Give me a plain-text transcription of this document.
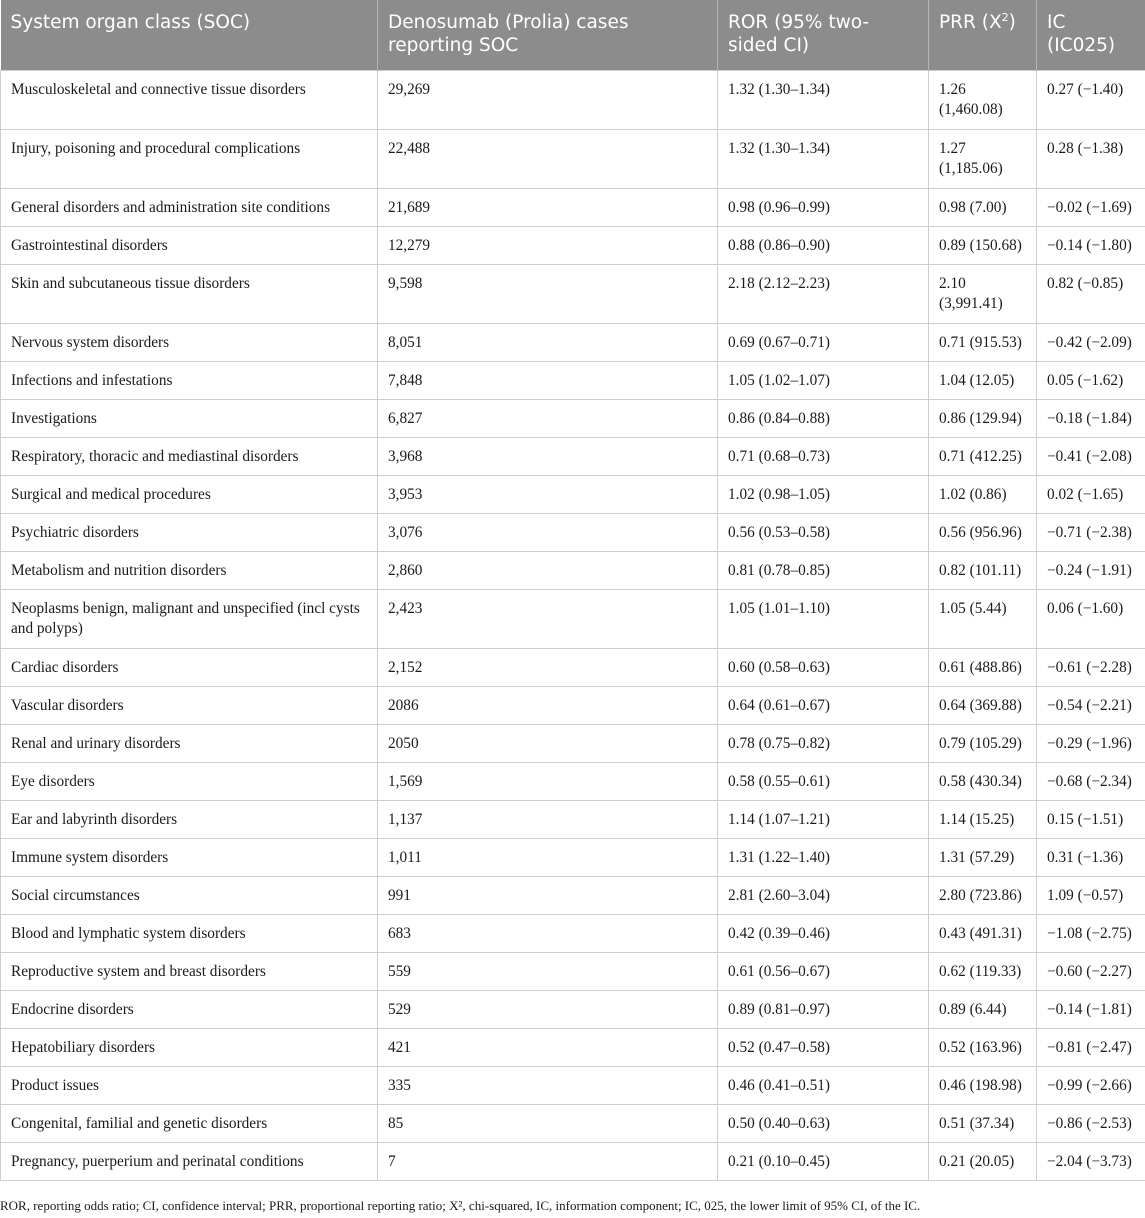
System organ class (SOC)	Denosumab (Prolia) cases reporting SOC	ROR (95% two-sided CI)	PRR $(X^2)$	IC (IC025)
Musculoskeletal and connective tissue disorders	29,269	1.32 (1.30–1.34)	1.26 (1,460.08)	0.27 (−1.40)
Injury, poisoning and procedural complications	22,488	1.32 (1.30–1.34)	1.27 (1,185.06)	0.28 (−1.38)
General disorders and administration site conditions	21,689	0.98 (0.96–0.99)	0.98 (7.00)	−0.02 (−1.69)
Gastrointestinal disorders	12,279	0.88 (0.86–0.90)	0.89 (150.68)	−0.14 (−1.80)
Skin and subcutaneous tissue disorders	9,598	2.18 (2.12–2.23)	2.10 (3,991.41)	0.82 (−0.85)
Nervous system disorders	8,051	0.69 (0.67–0.71)	0.71 (915.53)	−0.42 (−2.09)
Infections and infestations	7,848	1.05 (1.02–1.07)	1.04 (12.05)	0.05 (−1.62)
Investigations	6,827	0.86 (0.84–0.88)	0.86 (129.94)	−0.18 (−1.84)
Respiratory, thoracic and mediastinal disorders	3,968	0.71 (0.68–0.73)	0.71 (412.25)	−0.41 (−2.08)
Surgical and medical procedures	3,953	1.02 (0.98–1.05)	1.02 (0.86)	0.02 (−1.65)
Psychiatric disorders	3,076	0.56 (0.53–0.58)	0.56 (956.96)	−0.71 (−2.38)
Metabolism and nutrition disorders	2,860	0.81 (0.78–0.85)	0.82 (101.11)	−0.24 (−1.91)
Neoplasms benign, malignant and unspecified (incl cysts and polyps)	2,423	1.05 (1.01–1.10)	1.05 (5.44)	0.06 (−1.60)
Cardiac disorders	2,152	0.60 (0.58–0.63)	0.61 (488.86)	−0.61 (−2.28)
Vascular disorders	2086	0.64 (0.61–0.67)	0.64 (369.88)	−0.54 (−2.21)
Renal and urinary disorders	2050	0.78 (0.75–0.82)	0.79 (105.29)	−0.29 (−1.96)
Eye disorders	1,569	0.58 (0.55–0.61)	0.58 (430.34)	−0.68 (−2.34)
Ear and labyrinth disorders	1,137	1.14 (1.07–1.21)	1.14 (15.25)	0.15 (−1.51)
Immune system disorders	1,011	1.31 (1.22–1.40)	1.31 (57.29)	0.31 (−1.36)
Social circumstances	991	2.81 (2.60–3.04)	2.80 (723.86)	1.09 (−0.57)
Blood and lymphatic system disorders	683	0.42 (0.39–0.46)	0.43 (491.31)	−1.08 (−2.75)
Reproductive system and breast disorders	559	0.61 (0.56–0.67)	0.62 (119.33)	−0.60 (−2.27)
Endocrine disorders	529	0.89 (0.81–0.97)	0.89 (6.44)	−0.14 (−1.81)
Hepatobiliary disorders	421	0.52 (0.47–0.58)	0.52 (163.96)	−0.81 (−2.47)
Product issues	335	0.46 (0.41–0.51)	0.46 (198.98)	−0.99 (−2.66)
Congenital, familial and genetic disorders	85	0.50 (0.40–0.63)	0.51 (37.34)	−0.86 (−2.53)
Pregnancy, puerperium and perinatal conditions	7	0.21 (0.10–0.45)	0.21 (20.05)	−2.04 (−3.73)
ROR, reporting odds ratio; CI, confidence interval; PRR, proportional reporting ratio; X², chi-squared, IC, information component; IC, 025, the lower limit of 95% CI, of the IC.
